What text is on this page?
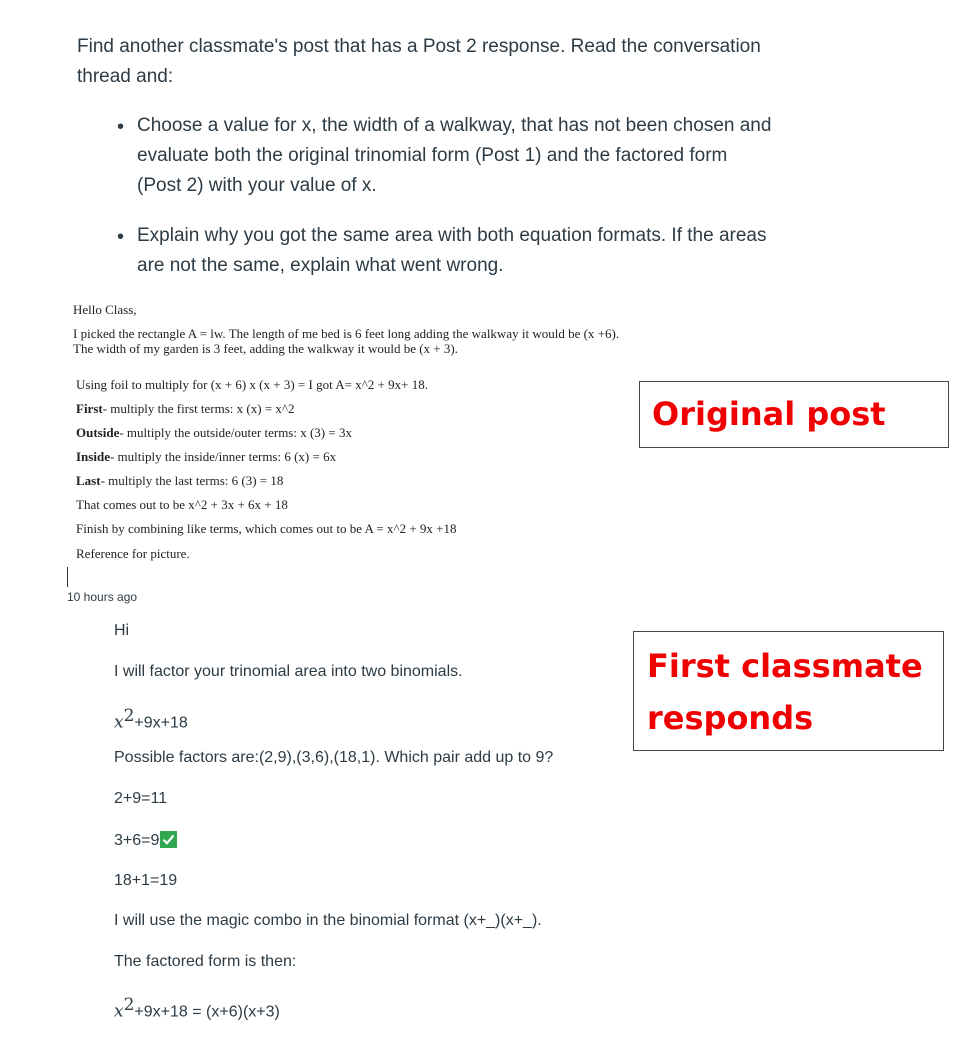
Find another classmate's post that has a Post 2 response. Read the conversation
thread and:
• Choose a value for x, the width of a walkway, that has not been chosen and
evaluate both the original trinomial form (Post 1) and the factored form
(Post 2) with your value of x.
• Explain why you got the same area with both equation formats. If the areas
are not the same, explain what went wrong.
Hello Class,
I picked the rectangle A = lw. The length of me bed is 6 feet long adding the walkway it would be (x +6).
The width of my garden is 3 feet, adding the walkway it would be (x + 3).
Using foil to multiply for (x + 6) x (x + 3) = I got A= x^2 + 9x+ 18.
First- multiply the first terms: x (x) = x^2
Outside- multiply the outside/outer terms: x (3) = 3x
Inside- multiply the inside/inner terms: 6 (x) = 6x
Last- multiply the last terms: 6 (3) = 18
That comes out to be x^2 + 3x + 6x + 18
Finish by combining like terms, which comes out to be A = x^2 + 9x +18
Reference for picture.
10 hours ago
Hi
I will factor your trinomial area into two binomials.
$x^2+9x+18$
Possible factors are:(2,9),(3,6),(18,1). Which pair add up to 9?
2+9=11
3+6=9
18+1=19
I will use the magic combo in the binomial format (x+_)(x+_).
The factored form is then:
$x^2+9x+18 = (x+6)(x+3)$
Original post
First classmate
responds
